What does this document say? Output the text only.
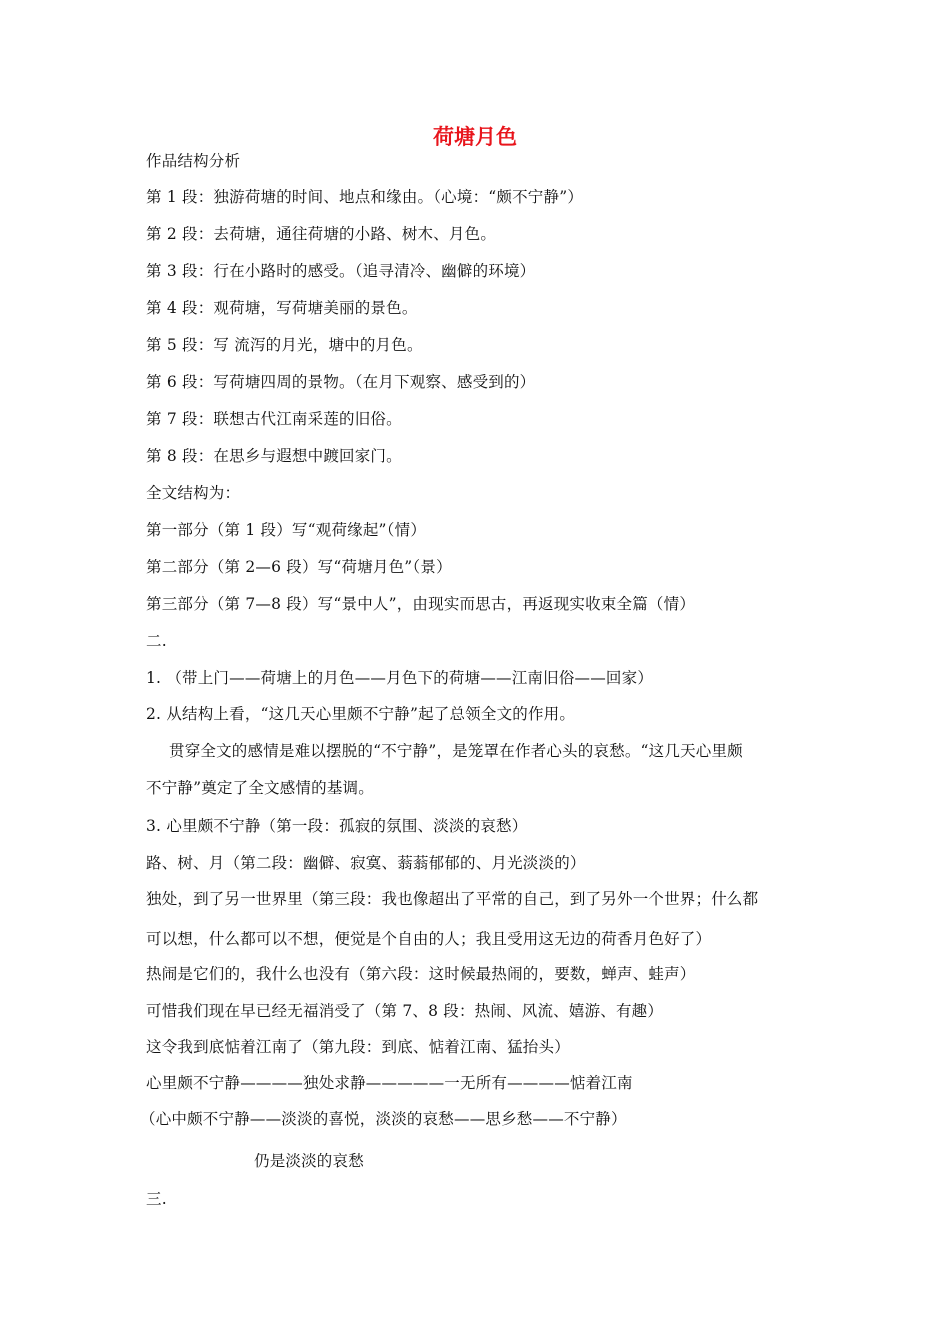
荷塘月色
作品结构分析
第 1 段：独游荷塘的时间、地点和缘由。（心境：“颇不宁静”）
第 2 段：去荷塘，通往荷塘的小路、树木、月色。
第 3 段：行在小路时的感受。（追寻清冷、幽僻的环境）
第 4 段：观荷塘，写荷塘美丽的景色。
第 5 段：写 流泻的月光，塘中的月色。
第 6 段：写荷塘四周的景物。（在月下观察、感受到的）
第 7 段：联想古代江南采莲的旧俗。
第 8 段：在思乡与遐想中踱回家门。
全文结构为：
第一部分（第 1 段）写“观荷缘起”（情）
第二部分（第 2—6 段）写“荷塘月色”（景）
第三部分（第 7—8 段）写“景中人”，由现实而思古，再返现实收束全篇（情）
二.
1. （带上门——荷塘上的月色——月色下的荷塘——江南旧俗——回家）
2. 从结构上看，“这几天心里颇不宁静”起了总领全文的作用。
贯穿全文的感情是难以摆脱的“不宁静”，是笼罩在作者心头的哀愁。“这几天心里颇
不宁静”奠定了全文感情的基调。
3. 心里颇不宁静（第一段：孤寂的氛围、淡淡的哀愁）
路、树、月（第二段：幽僻、寂寞、蓊蓊郁郁的、月光淡淡的）
独处，到了另一世界里（第三段：我也像超出了平常的自己，到了另外一个世界；什么都
可以想，什么都可以不想，便觉是个自由的人；我且受用这无边的荷香月色好了）
热闹是它们的，我什么也没有（第六段：这时候最热闹的，要数，蝉声、蛙声）
可惜我们现在早已经无福消受了（第 7、8 段：热闹、风流、嬉游、有趣）
这令我到底惦着江南了（第九段：到底、惦着江南、猛抬头）
心里颇不宁静————独处求静—————一无所有————惦着江南
（心中颇不宁静——淡淡的喜悦，淡淡的哀愁——思乡愁——不宁静）
仍是淡淡的哀愁
三.
